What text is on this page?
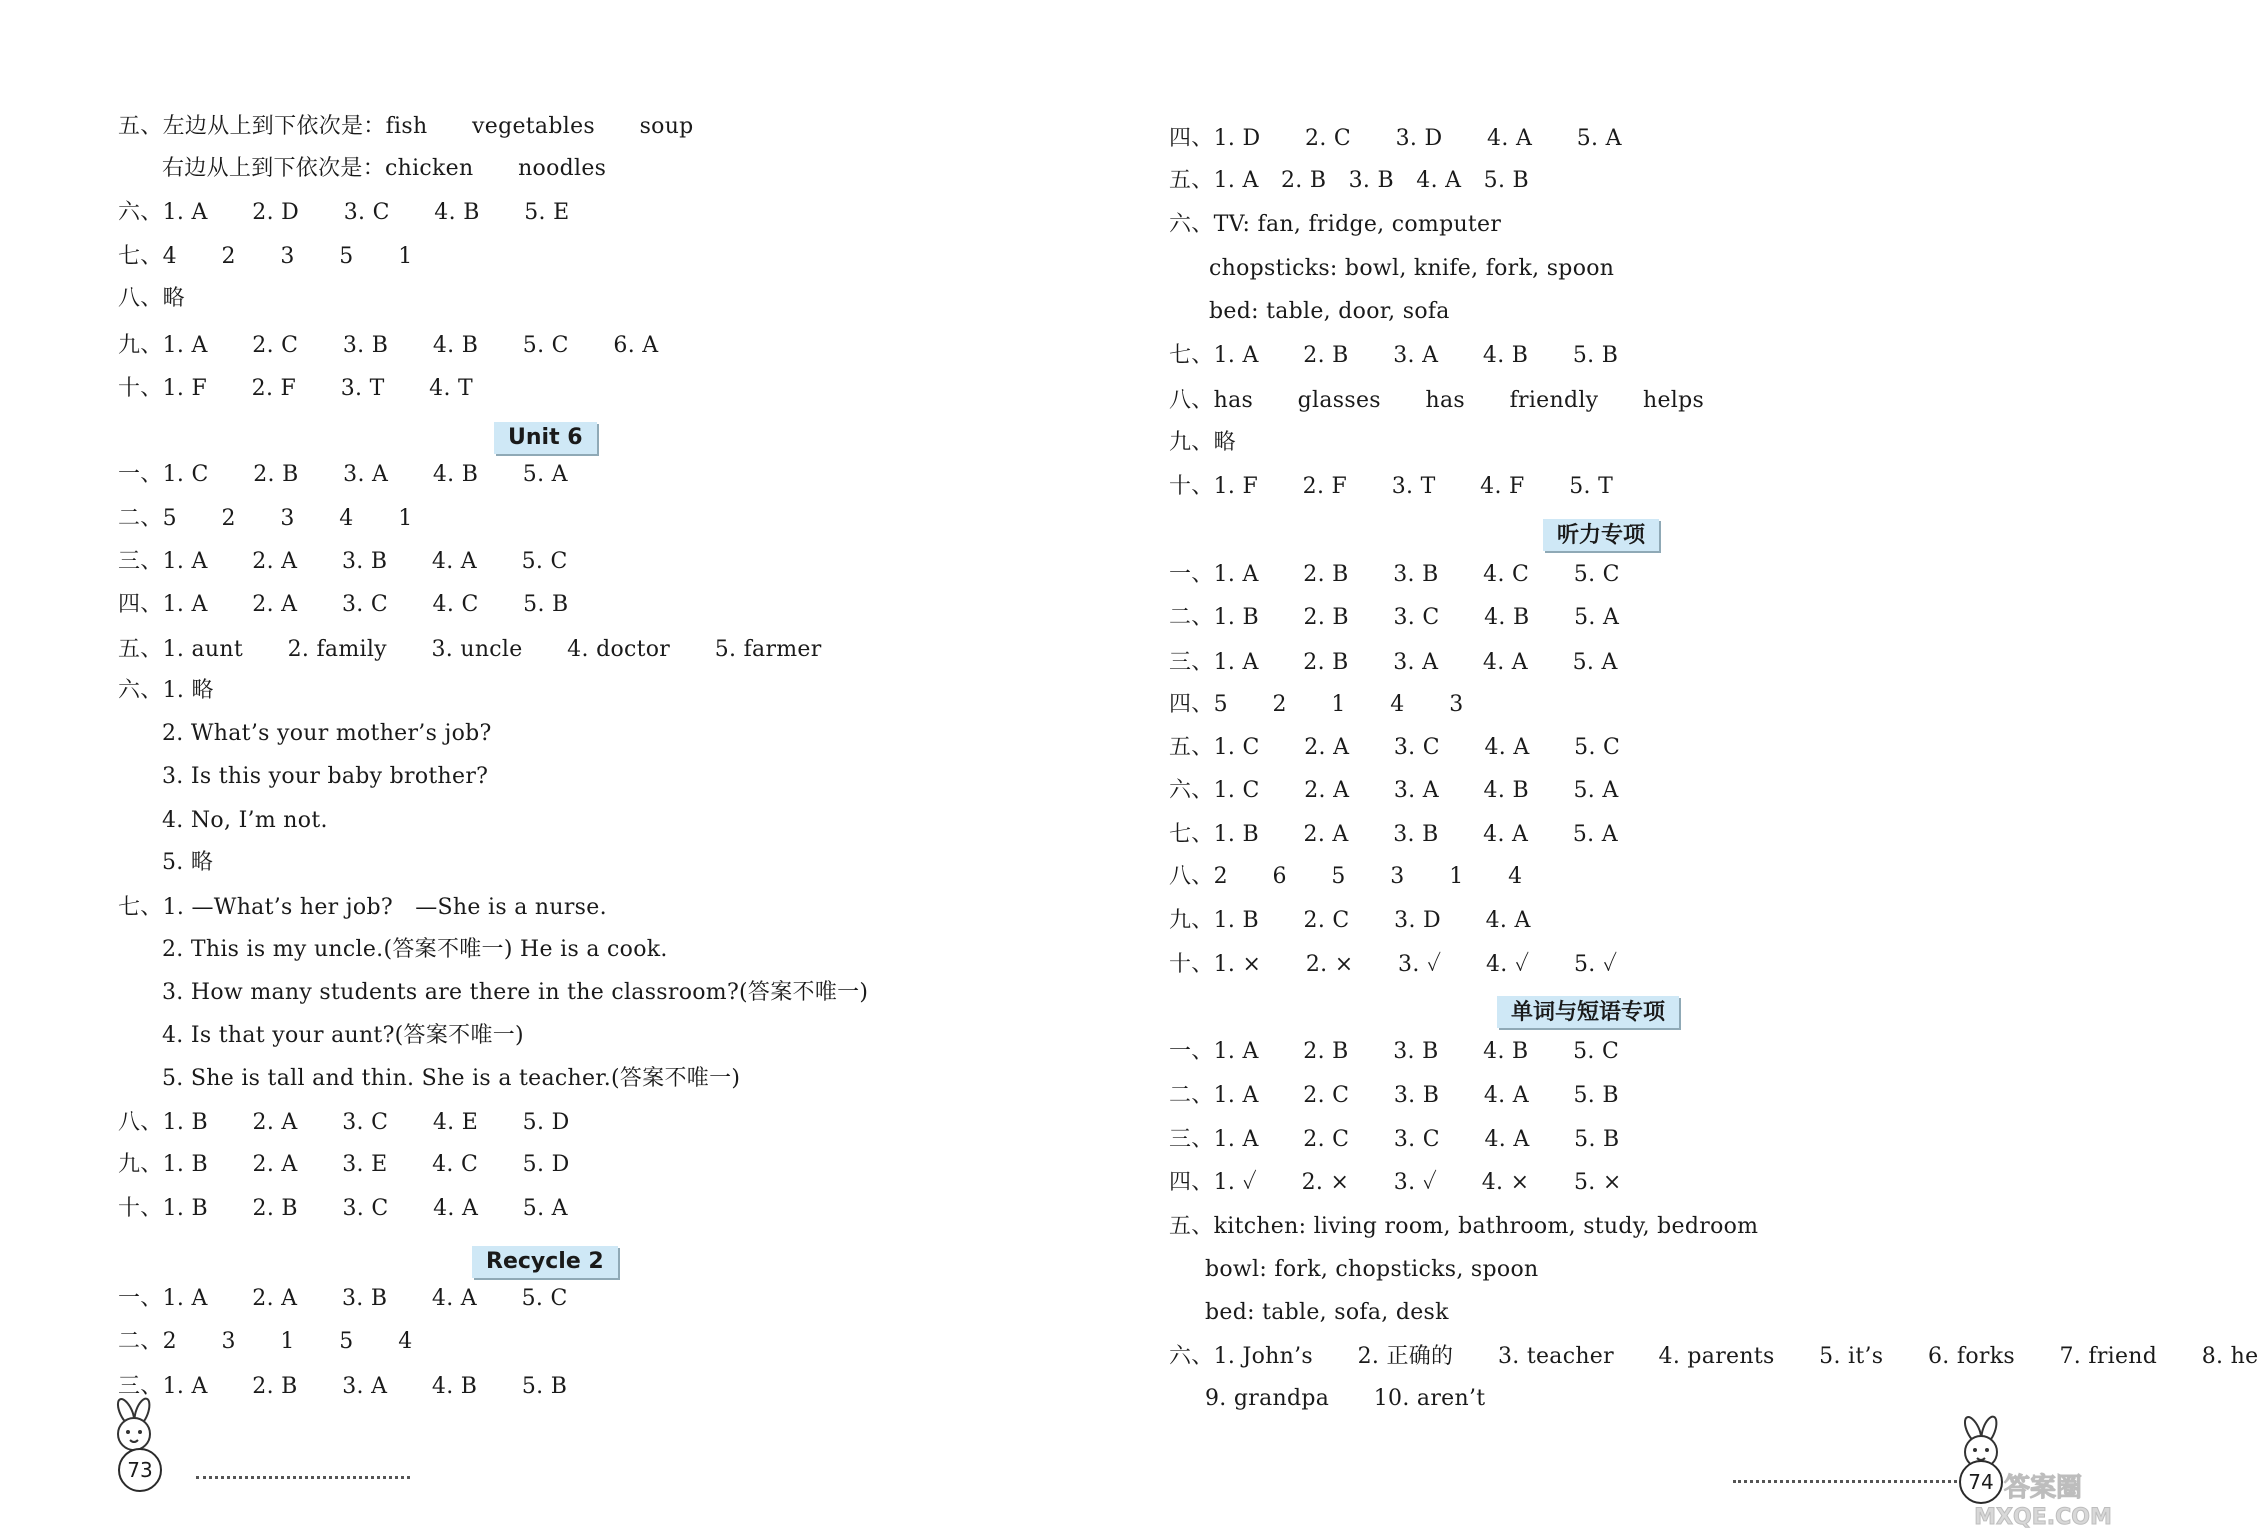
五、左边从上到下依次是：fish　　vegetables　　soup
右边从上到下依次是：chicken　　noodles
六、1. A　　2. D　　3. C　　4. B　　5. E
七、4　　2　　3　　5　　1
八、略
九、1. A　　2. C　　3. B　　4. B　　5. C　　6. A
十、1. F　　2. F　　3. T　　4. T
Unit 6
一、1. C　　2. B　　3. A　　4. B　　5. A
二、5　　2　　3　　4　　1
三、1. A　　2. A　　3. B　　4. A　　5. C
四、1. A　　2. A　　3. C　　4. C　　5. B
五、1. aunt　　2. family　　3. uncle　　4. doctor　　5. farmer
六、1. 略
2. What’s your mother’s job?
3. Is this your baby brother?
4. No, I’m not.
5. 略
七、1. —What’s her job?　—She is a nurse.
2. This is my uncle.(答案不唯一) He is a cook.
3. How many students are there in the classroom?(答案不唯一)
4. Is that your aunt?(答案不唯一)
5. She is tall and thin. She is a teacher.(答案不唯一)
八、1. B　　2. A　　3. C　　4. E　　5. D
九、1. B　　2. A　　3. E　　4. C　　5. D
十、1. B　　2. B　　3. C　　4. A　　5. A
Recycle 2
一、1. A　　2. A　　3. B　　4. A　　5. C
二、2　　3　　1　　5　　4
三、1. A　　2. B　　3. A　　4. B　　5. B
73
四、1. D　　2. C　　3. D　　4. A　　5. A
五、1. A　2. B　3. B　4. A　5. B
六、TV: fan, fridge, computer
chopsticks: bowl, knife, fork, spoon
bed: table, door, sofa
七、1. A　　2. B　　3. A　　4. B　　5. B
八、has　　glasses　　has　　friendly　　helps
九、略
十、1. F　　2. F　　3. T　　4. F　　5. T
听力专项
一、1. A　　2. B　　3. B　　4. C　　5. C
二、1. B　　2. B　　3. C　　4. B　　5. A
三、1. A　　2. B　　3. A　　4. A　　5. A
四、5　　2　　1　　4　　3
五、1. C　　2. A　　3. C　　4. A　　5. C
六、1. C　　2. A　　3. A　　4. B　　5. A
七、1. B　　2. A　　3. B　　4. A　　5. A
八、2　　6　　5　　3　　1　　4
九、1. B　　2. C　　3. D　　4. A
十、1. ×　　2. ×　　3. ✓　　4. ✓　　5. ✓
单词与短语专项
一、1. A　　2. B　　3. B　　4. B　　5. C
二、1. A　　2. C　　3. B　　4. A　　5. B
三、1. A　　2. C　　3. C　　4. A　　5. B
四、1. ✓　　2. ×　　3. ✓　　4. ×　　5. ×
五、kitchen: living room, bathroom, study, bedroom
bowl: fork, chopsticks, spoon
bed: table, sofa, desk
六、1. John’s　　2. 正确的　　3. teacher　　4. parents　　5. it’s　　6. forks　　7. friend　　8. he
9. grandpa　　10. aren’t
74 答案圈
MXQE.COM
